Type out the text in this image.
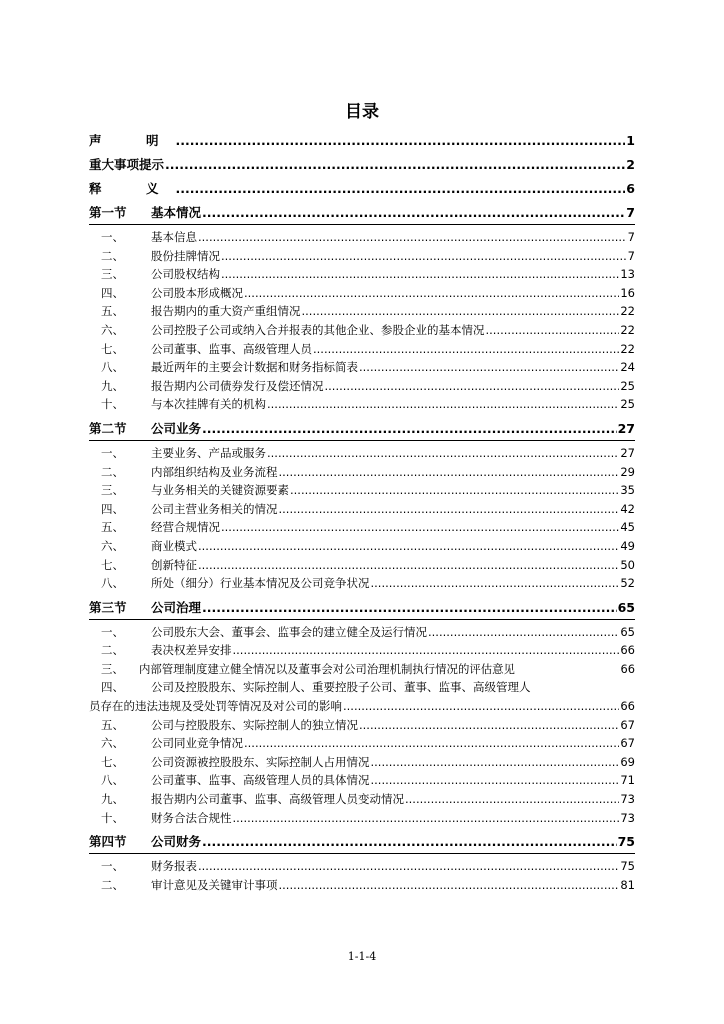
目录
声　明 .....	1
重大事项提示 .....	2
释　义 .....	6
第一节 基本情况 .....	7
一、 基本信息 .....	7
二、 股份挂牌情况 .....	7
三、 公司股权结构 .....	13
四、 公司股本形成概况 .....	16
五、 报告期内的重大资产重组情况 .....	22
六、 公司控股子公司或纳入合并报表的其他企业、参股企业的基本情况 .....	22
七、 公司董事、监事、高级管理人员 .....	22
八、 最近两年的主要会计数据和财务指标简表 .....	24
九、 报告期内公司债券发行及偿还情况 .....	25
十、 与本次挂牌有关的机构 .....	25
第二节 公司业务 .....	27
一、 主要业务、产品或服务 .....	27
二、 内部组织结构及业务流程 .....	29
三、 与业务相关的关键资源要素 .....	35
四、 公司主营业务相关的情况 .....	42
五、 经营合规情况 .....	45
六、 商业模式 .....	49
七、 创新特征 .....	50
八、 所处（细分）行业基本情况及公司竞争状况 .....	52
第三节 公司治理 .....	65
一、 公司股东大会、董事会、监事会的建立健全及运行情况 .....	65
二、 表决权差异安排 .....	66
三、 内部管理制度建立健全情况以及董事会对公司治理机制执行情况的评估意见	66
四、 公司及控股股东、实际控制人、重要控股子公司、董事、监事、高级管理人
员存在的违法违规及受处罚等情况及对公司的影响 .....	66
五、 公司与控股股东、实际控制人的独立情况 .....	67
六、 公司同业竞争情况 .....	67
七、 公司资源被控股股东、实际控制人占用情况 .....	69
八、 公司董事、监事、高级管理人员的具体情况 .....	71
九、 报告期内公司董事、监事、高级管理人员变动情况 .....	73
十、 财务合法合规性 .....	73
第四节 公司财务 .....	75
一、 财务报表 .....	75
二、 审计意见及关键审计事项 .....	81
1-1-4
